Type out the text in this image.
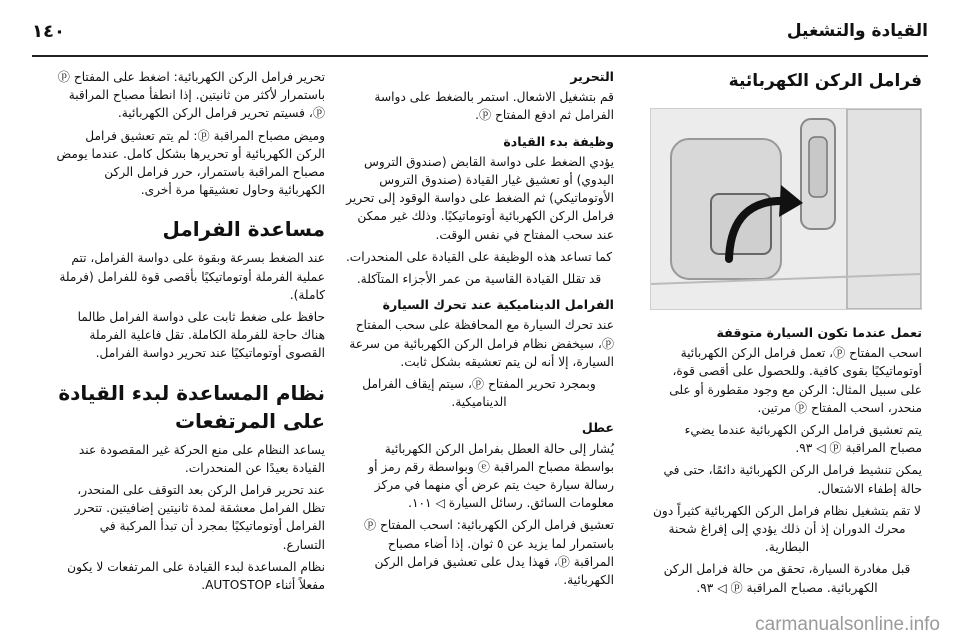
القيادة والتشغيل
١٤٠
فرامل الركن الكهربائية
تعمل عندما تكون السيارة متوقفة

اسحب المفتاح ⓟ، تعمل فرامل الركن الكهربائية أوتوماتيكيًا بقوى كافية. وللحصول على أقصى قوة، على سبيل المثال: الركن مع وجود مقطورة أو على منحدر، اسحب المفتاح ⓟ مرتين.

يتم تعشيق فرامل الركن الكهربائية عندما يضيء مصباح المراقبة ⓟ ◁ ٩٣.

يمكن تنشيط فرامل الركن الكهربائية دائمًا، حتى في حالة إطفاء الاشتعال.

لا تقم بتشغيل نظام فرامل الركن الكهربائية كثيراً دون محرك الدوران إذ أن ذلك يؤدي إلى إفراغ شحنة البطارية.

قبل مغادرة السيارة، تحقق من حالة فرامل الركن الكهربائية. مصباح المراقبة ⓟ ◁ ٩٣.

التحرير

قم بتشغيل الاشعال. استمر بالضغط على دواسة الفرامل ثم ادفع المفتاح ⓟ.

وظيفة بدء القيادة

يؤدي الضغط على دواسة القابض (صندوق التروس اليدوي) أو تعشيق غيار القيادة (صندوق التروس الأوتوماتيكي) ثم الضغط على دواسة الوقود إلى تحرير فرامل الركن الكهربائية أوتوماتيكيًا. وذلك غير ممكن عند سحب المفتاح في نفس الوقت.

كما تساعد هذه الوظيفة على القيادة على المنحدرات.

قد تقلل القيادة القاسية من عمر الأجزاء المتآكلة.

الفرامل الديناميكية عند تحرك السيارة

عند تحرك السيارة مع المحافظة على سحب المفتاح ⓟ، سيخفض نظام فرامل الركن الكهربائية من سرعة السيارة، إلا أنه لن يتم تعشيقه بشكل ثابت.

وبمجرد تحرير المفتاح ⓟ، سيتم إيقاف الفرامل الديناميكية.

عطل

يُشار إلى حالة العطل بفرامل الركن الكهربائية بواسطة مصباح المراقبة ⓔ وبواسطة رقم رمز أو رسالة سيارة حيث يتم عرض أي منهما في مركز معلومات السائق. رسائل السيارة ◁ ١٠١.

تعشيق فرامل الركن الكهربائية: اسحب المفتاح ⓟ باستمرار لما يزيد عن ٥ ثوان. إذا أضاء مصباح المراقبة ⓟ، فهذا يدل على تعشيق فرامل الركن الكهربائية.

تحرير فرامل الركن الكهربائية: اضغط على المفتاح ⓟ باستمرار لأكثر من ثانيتين. إذا انطفأ مصباح المراقبة ⓟ، فسيتم تحرير فرامل الركن الكهربائية.

وميض مصباح المراقبة ⓟ: لم يتم تعشيق فرامل الركن الكهربائية أو تحريرها بشكل كامل. عندما يومض مصباح المراقبة باستمرار، حرر فرامل الركن الكهربائية وحاول تعشيقها مرة أخرى.

مساعدة الفرامل

عند الضغط بسرعة وبقوة على دواسة الفرامل، تتم عملية الفرملة أوتوماتيكيًا بأقصى قوة للفرامل (فرملة كاملة).

حافظ على ضغط ثابت على دواسة الفرامل طالما هناك حاجة للفرملة الكاملة. تقل فاعلية الفرملة القصوى أوتوماتيكيًا عند تحرير دواسة الفرامل.

نظام المساعدة لبدء القيادة على المرتفعات

يساعد النظام على منع الحركة غير المقصودة عند القيادة بعيدًا عن المنحدرات.

عند تحرير فرامل الركن بعد التوقف على المنحدر، تظل الفرامل معشقة لمدة ثانيتين إضافيتين. تتحرر الفرامل أوتوماتيكيًا بمجرد أن تبدأ المركبة في التسارع.

نظام المساعدة لبدء القيادة على المرتفعات لا يكون مفعلاً أثناء AUTOSTOP.

carmanualsonline.info
